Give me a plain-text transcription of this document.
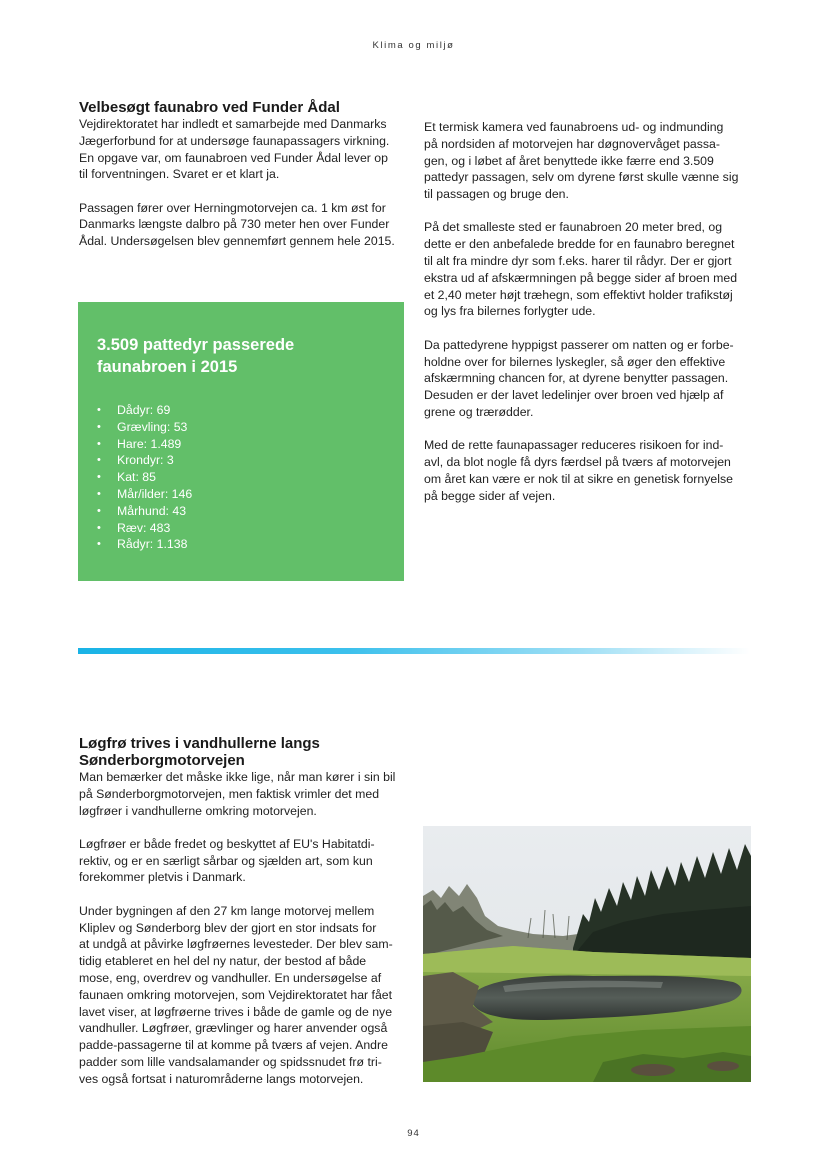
Klima og miljø
Velbesøgt faunabro ved Funder Ådal

Vejdirektoratet har indledt et samarbejde med Danmarks
Jægerforbund for at undersøge faunapassagers virkning.
En opgave var, om faunabroen ved Funder Ådal lever op
til forventningen. Svaret er et klart ja.

Passagen fører over Herningmotorvejen ca. 1 km øst for
Danmarks længste dalbro på 730 meter hen over Funder
Ådal. Undersøgelsen blev gennemført gennem hele 2015.

Et termisk kamera ved faunabroens ud- og indmunding
på nordsiden af motorvejen har døgnovervåget passa-
gen, og i løbet af året benyttede ikke færre end 3.509
pattedyr passagen, selv om dyrene først skulle vænne sig
til passagen og bruge den.

På det smalleste sted er faunabroen 20 meter bred, og
dette er den anbefalede bredde for en faunabro beregnet
til alt fra mindre dyr som f.eks. harer til rådyr. Der er gjort
ekstra ud af afskærmningen på begge sider af broen med
et 2,40 meter højt træhegn, som effektivt holder trafikstøj
og lys fra bilernes forlygter ude.

Da pattedyrene hyppigst passerer om natten og er forbe-
holdne over for bilernes lyskegler, så øger den effektive
afskærmning chancen for, at dyrene benytter passagen.
Desuden er der lavet ledelinjer over broen ved hjælp af
grene og trærødder.

Med de rette faunapassager reduceres risikoen for ind-
avl, da blot nogle få dyrs færdsel på tværs af motorvejen
om året kan være er nok til at sikre en genetisk fornyelse
på begge sider af vejen.

3.509 pattedyr passerede
faunabroen i 2015
• Dådyr: 69
• Grævling: 53
• Hare: 1.489
• Krondyr: 3
• Kat: 85
• Mår/ilder: 146
• Mårhund: 43
• Ræv: 483
• Rådyr: 1.138
Løgfrø trives i vandhullerne langs
Sønderborgmotorvejen

Man bemærker det måske ikke lige, når man kører i sin bil
på Sønderborgmotorvejen, men faktisk vrimler det med
løgfrøer i vandhullerne omkring motorvejen.

Løgfrøer er både fredet og beskyttet af EU's Habitatdi-
rektiv, og er en særligt sårbar og sjælden art, som kun
forekommer pletvis i Danmark.

Under bygningen af den 27 km lange motorvej mellem
Kliplev og Sønderborg blev der gjort en stor indsats for
at undgå at påvirke løgfrøernes levesteder. Der blev sam-
tidig etableret en hel del ny natur, der bestod af både
mose, eng, overdrev og vandhuller. En undersøgelse af
faunaen omkring motorvejen, som Vejdirektoratet har fået
lavet viser, at løgfrøerne trives i både de gamle og de nye
vandhuller. Løgfrøer, grævlinger og harer anvender også
padde-passagerne til at komme på tværs af vejen. Andre
padder som lille vandsalamander og spidssnudet frø tri-
ves også fortsat i naturområderne langs motorvejen.

94
